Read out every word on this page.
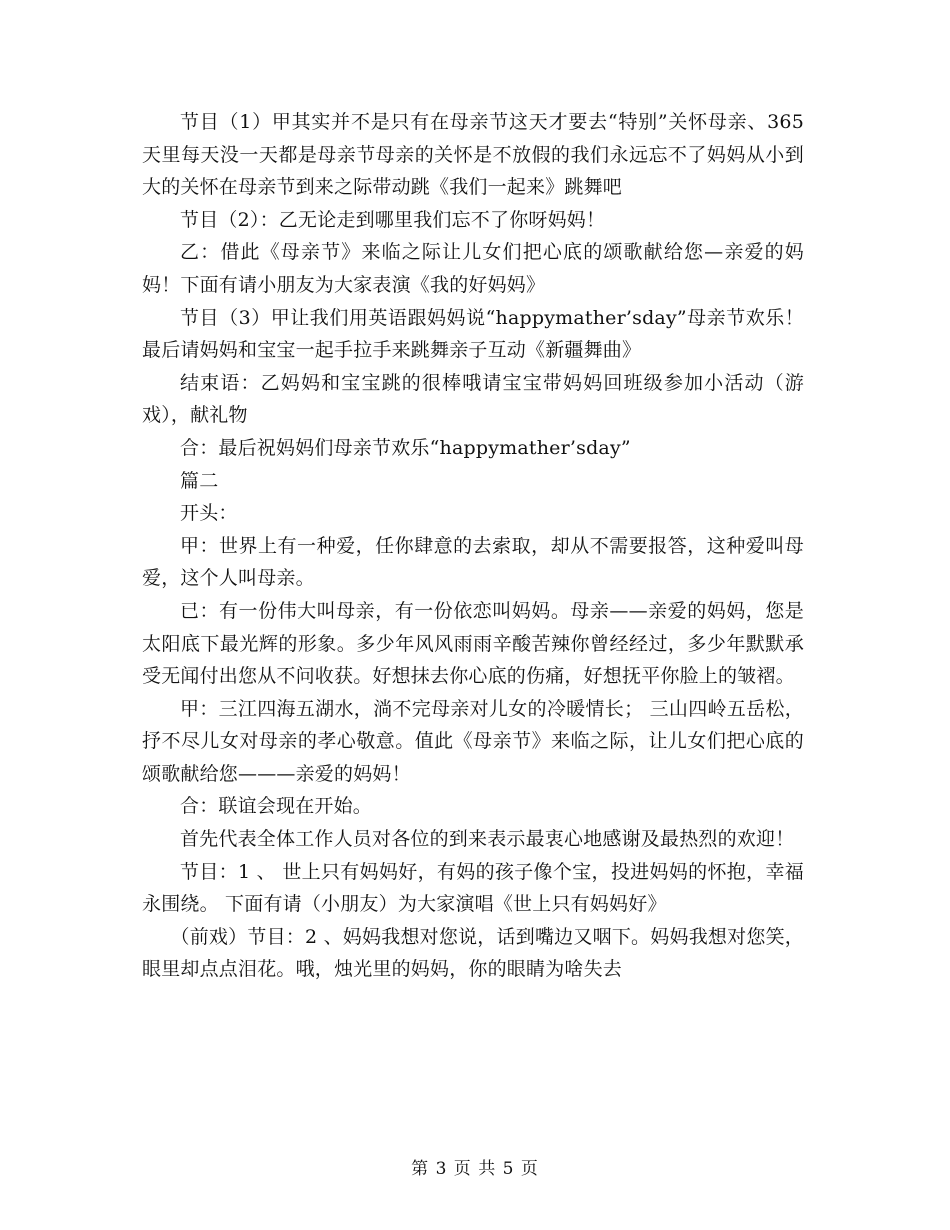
节目（1）甲其实并不是只有在母亲节这天才要去“特别”关怀母亲、365天里每天没一天都是母亲节母亲的关怀是不放假的我们永远忘不了妈妈从小到大的关怀在母亲节到来之际带动跳《我们一起来》跳舞吧

节目（2）：乙无论走到哪里我们忘不了你呀妈妈！

乙：借此《母亲节》来临之际让儿女们把心底的颂歌献给您—亲爱的妈妈！下面有请小朋友为大家表演《我的好妈妈》

节目（3）甲让我们用英语跟妈妈说“happymather’sday”母亲节欢乐！最后请妈妈和宝宝一起手拉手来跳舞亲子互动《新疆舞曲》

结束语：乙妈妈和宝宝跳的很棒哦请宝宝带妈妈回班级参加小活动（游戏），献礼物

合：最后祝妈妈们母亲节欢乐“happymather’sday”

篇二

开头：

甲：世界上有一种爱，任你肆意的去索取，却从不需要报答，这种爱叫母爱，这个人叫母亲。

已：有一份伟大叫母亲，有一份依恋叫妈妈。母亲——亲爱的妈妈，您是太阳底下最光辉的形象。多少年风风雨雨辛酸苦辣你曾经经过，多少年默默承受无闻付出您从不问收获。好想抹去你心底的伤痛，好想抚平你脸上的皱褶。

甲：三江四海五湖水，淌不完母亲对儿女的冷暖情长； 三山四岭五岳松，抒不尽儿女对母亲的孝心敬意。值此《母亲节》来临之际，让儿女们把心底的颂歌献给您———亲爱的妈妈！

合：联谊会现在开始。

首先代表全体工作人员对各位的到来表示最衷心地感谢及最热烈的欢迎！

节目：1 、 世上只有妈妈好，有妈的孩子像个宝，投进妈妈的怀抱，幸福永围绕。 下面有请（小朋友）为大家演唱《世上只有妈妈好》

（前戏）节目：2 、妈妈我想对您说，话到嘴边又咽下。妈妈我想对您笑，眼里却点点泪花。哦，烛光里的妈妈，你的眼睛为啥失去

第 3 页 共 5 页
